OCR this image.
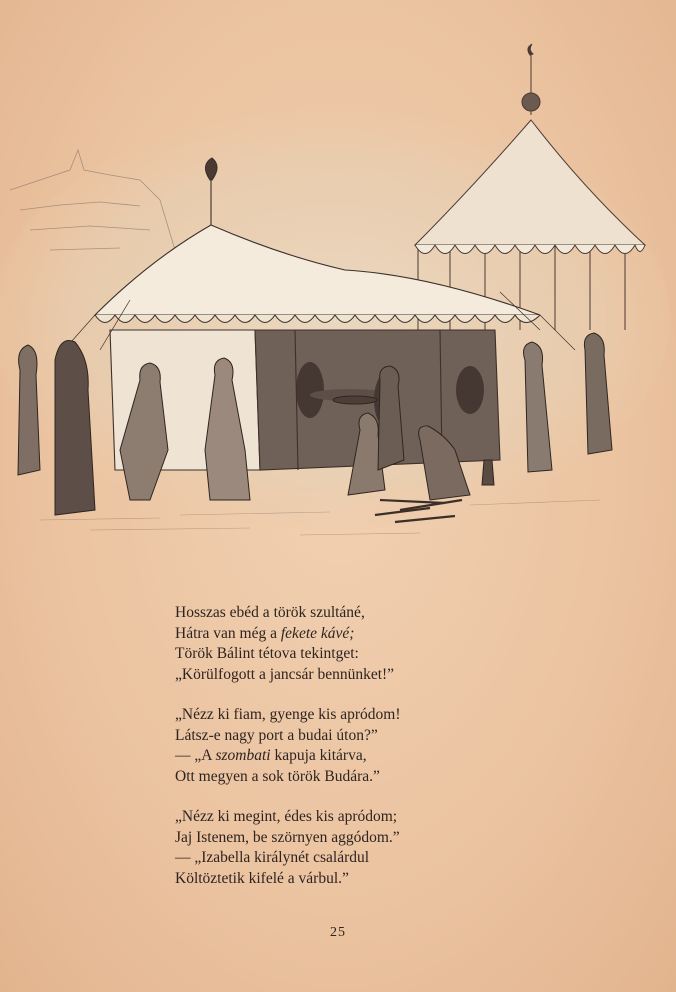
Hosszas ebéd a török szultáné,
Hátra van még a fekete kávé;
Török Bálint tétova tekintget:
„Körülfogott a jancsár bennünket!”
„Nézz ki fiam, gyenge kis apródom!
Látsz-e nagy port a budai úton?”
— „A szombati kapuja kitárva,
Ott megyen a sok török Budára.”
„Nézz ki megint, édes kis apródom;
Jaj Istenem, be szörnyen aggódom.”
— „Izabella királynét csalárdul
Költöztetik kifelé a várbul.”
25
